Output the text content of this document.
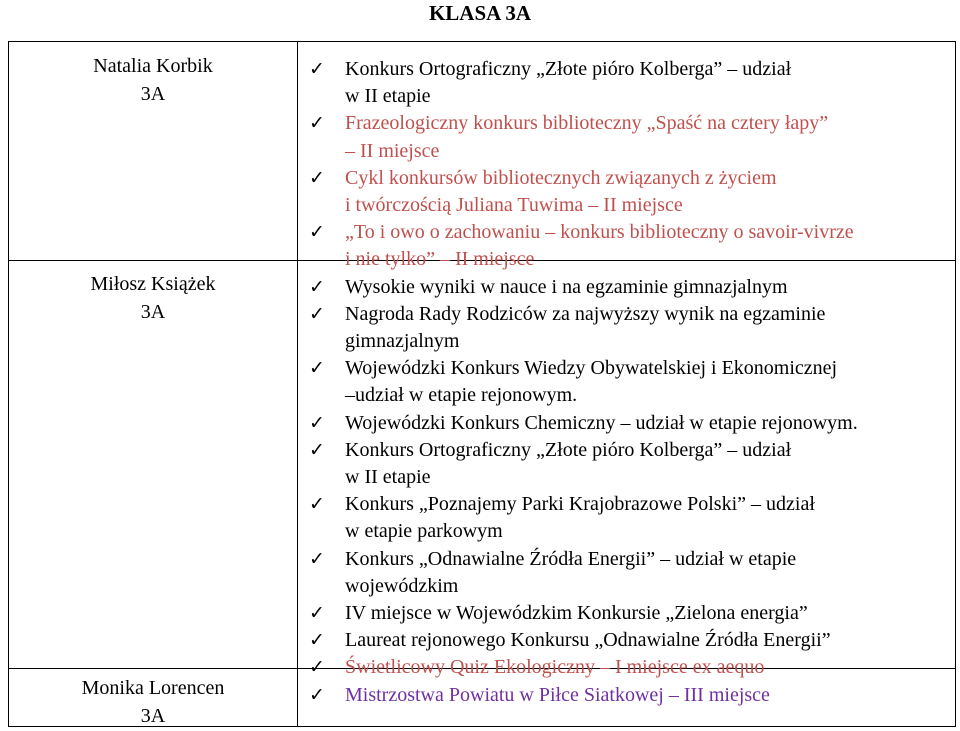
KLASA 3A
Natalia Korbik
3A
Miłosz Książek
3A
Monika Lorencen
3A
✓ Konkurs Ortograficzny „Złote pióro Kolberga” – udział
w II etapie
✓ Frazeologiczny konkurs biblioteczny „Spaść na cztery łapy”
– II miejsce
✓ Cykl konkursów bibliotecznych związanych z życiem
i twórczością Juliana Tuwima – II miejsce
✓ „To i owo o zachowaniu – konkurs biblioteczny o savoir-vivrze
i nie tylko” – II miejsce
✓ Wysokie wyniki w nauce i na egzaminie gimnazjalnym
✓ Nagroda Rady Rodziców za najwyższy wynik na egzaminie
gimnazjalnym
✓ Wojewódzki Konkurs Wiedzy Obywatelskiej i Ekonomicznej
–udział w etapie rejonowym.
✓ Wojewódzki Konkurs Chemiczny – udział w etapie rejonowym.
✓ Konkurs Ortograficzny „Złote pióro Kolberga” – udział
w II etapie
✓ Konkurs „Poznajemy Parki Krajobrazowe Polski” – udział
w etapie parkowym
✓ Konkurs „Odnawialne Źródła Energii” – udział w etapie
wojewódzkim
✓ IV miejsce w Wojewódzkim Konkursie „Zielona energia”
✓ Laureat rejonowego Konkursu „Odnawialne Źródła Energii”
✓ Świetlicowy Quiz Ekologiczny – I miejsce ex aequo
✓ Mistrzostwa Powiatu w Piłce Siatkowej – III miejsce
